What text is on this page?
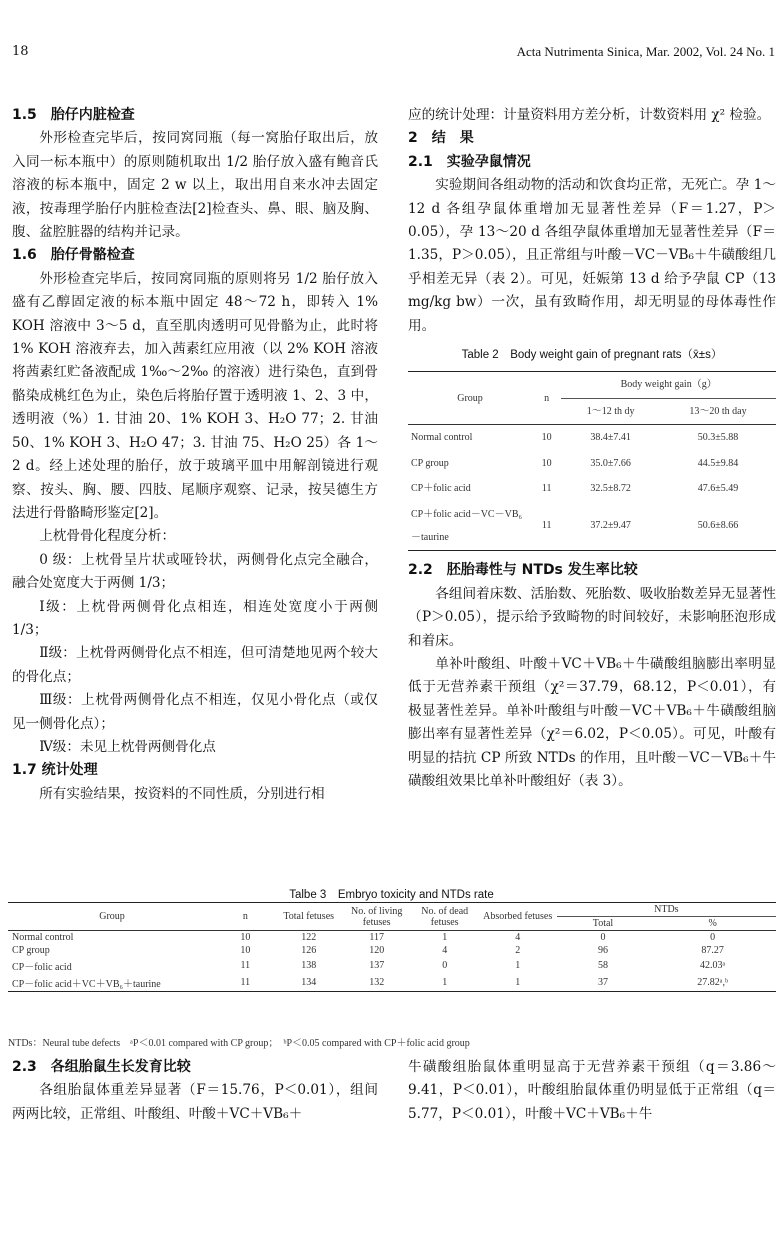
18	Acta Nutrimenta Sinica, Mar. 2002, Vol. 24 No. 1

1.5　胎仔内脏检查

外形检查完毕后，按同窝同瓶（每一窝胎仔取出后，放入同一标本瓶中）的原则随机取出 1/2 胎仔放入盛有鲍音氏溶液的标本瓶中，固定 2 w 以上，取出用自来水冲去固定液，按毒理学胎仔内脏检查法[2]检查头、鼻、眼、脑及胸、腹、盆腔脏器的结构并记录。

1.6　胎仔骨骼检查

外形检查完毕后，按同窝同瓶的原则将另 1/2 胎仔放入盛有乙醇固定液的标本瓶中固定 48～72 h，即转入 1% KOH 溶液中 3～5 d，直至肌肉透明可见骨骼为止，此时将 1% KOH 溶液弃去，加入茜素红应用液（以 2% KOH 溶液将茜素红贮备液配成 1‰～2‰ 的溶液）进行染色，直到骨骼染成桃红色为止，染色后将胎仔置于透明液 1、2、3 中，透明液（%）1. 甘油 20、1% KOH 3、H₂O 77；2. 甘油 50、1% KOH 3、H₂O 47；3. 甘油 75、H₂O 25）各 1～2 d。经上述处理的胎仔，放于玻璃平皿中用解剖镜进行观察、按头、胸、腰、四肢、尾顺序观察、记录，按吴德生方法进行骨骼畸形鉴定[2]。

上枕骨骨化程度分析：

0 级：上枕骨呈片状或哑铃状，两侧骨化点完全融合，融合处宽度大于两侧 1/3；

Ⅰ级：上枕骨两侧骨化点相连，相连处宽度小于两侧 1/3；

Ⅱ级：上枕骨两侧骨化点不相连，但可清楚地见两个较大的骨化点；

Ⅲ级：上枕骨两侧骨化点不相连，仅见小骨化点（或仅见一侧骨化点）；

Ⅳ级：未见上枕骨两侧骨化点

1.7 统计处理

所有实验结果，按资料的不同性质，分别进行相

应的统计处理：计量资料用方差分析，计数资料用 χ² 检验。

2　结　果

2.1　实验孕鼠情况

实验期间各组动物的活动和饮食均正常，无死亡。孕 1～12 d 各组孕鼠体重增加无显著性差异（F＝1.27，P＞0.05），孕 13～20 d 各组孕鼠体重增加无显著性差异（F＝1.35，P＞0.05），且正常组与叶酸－VC－VB₆＋牛磺酸组几乎相差无异（表 2）。可见，妊娠第 13 d 给予孕鼠 CP（13 mg/kg bw）一次，虽有致畸作用，却无明显的母体毒性作用。

Table 2　Body weight gain of pregnant rats（x̄±s）
Group	n	Body weight gain（g）	
		1～12 th dy	13～20 th day
Normal control	10	38.4±7.41	50.3±5.88
CP group	10	35.0±7.66	44.5±9.84
CP＋folic acid	11	32.5±8.72	47.6±5.49
CP＋folic acid－VC－VB₆－taurine	11	37.2±9.47	50.6±8.66

2.2　胚胎毒性与 NTDs 发生率比较

各组间着床数、活胎数、死胎数、吸收胎数差异无显著性（P＞0.05），提示给予致畸物的时间较好，未影响胚泡形成和着床。

单补叶酸组、叶酸＋VC＋VB₆＋牛磺酸组脑膨出率明显低于无营养素干预组（χ²＝37.79，68.12，P＜0.01），有极显著性差异。单补叶酸组与叶酸－VC＋VB₆＋牛磺酸组脑膨出率有显著性差异（χ²＝6.02，P＜0.05）。可见，叶酸有明显的拮抗 CP 所致 NTDs 的作用，且叶酸－VC－VB₆＋牛磺酸组效果比单补叶酸组好（表 3）。

Talbe 3　Embryo toxicity and NTDs rate
Group	n	Total fetuses	No. of living fetuses	No. of dead fetuses	Absorbed fetuses	NTDs	
						Total	%
Normal control	10	122	117	1	4	0	0
CP group	10	126	120	4	2	96	87.27
CP－folic acid	11	138	137	0	1	58	42.03ᵃ
CP－folic acid＋VC＋VB₆＋taurine	11	134	132	1	1	37	27.82ᵃ,ᵇ
NTDs：Neural tube defects　ᵃP＜0.01 compared with CP group；　ᵇP＜0.05 compared with CP＋folic acid group

2.3　各组胎鼠生长发育比较

各组胎鼠体重差异显著（F＝15.76，P＜0.01），组间两两比较，正常组、叶酸组、叶酸＋VC＋VB₆＋

牛磺酸组胎鼠体重明显高于无营养素干预组（q＝3.86～9.41，P＜0.01），叶酸组胎鼠体重仍明显低于正常组（q＝5.77，P＜0.01），叶酸＋VC＋VB₆＋牛
